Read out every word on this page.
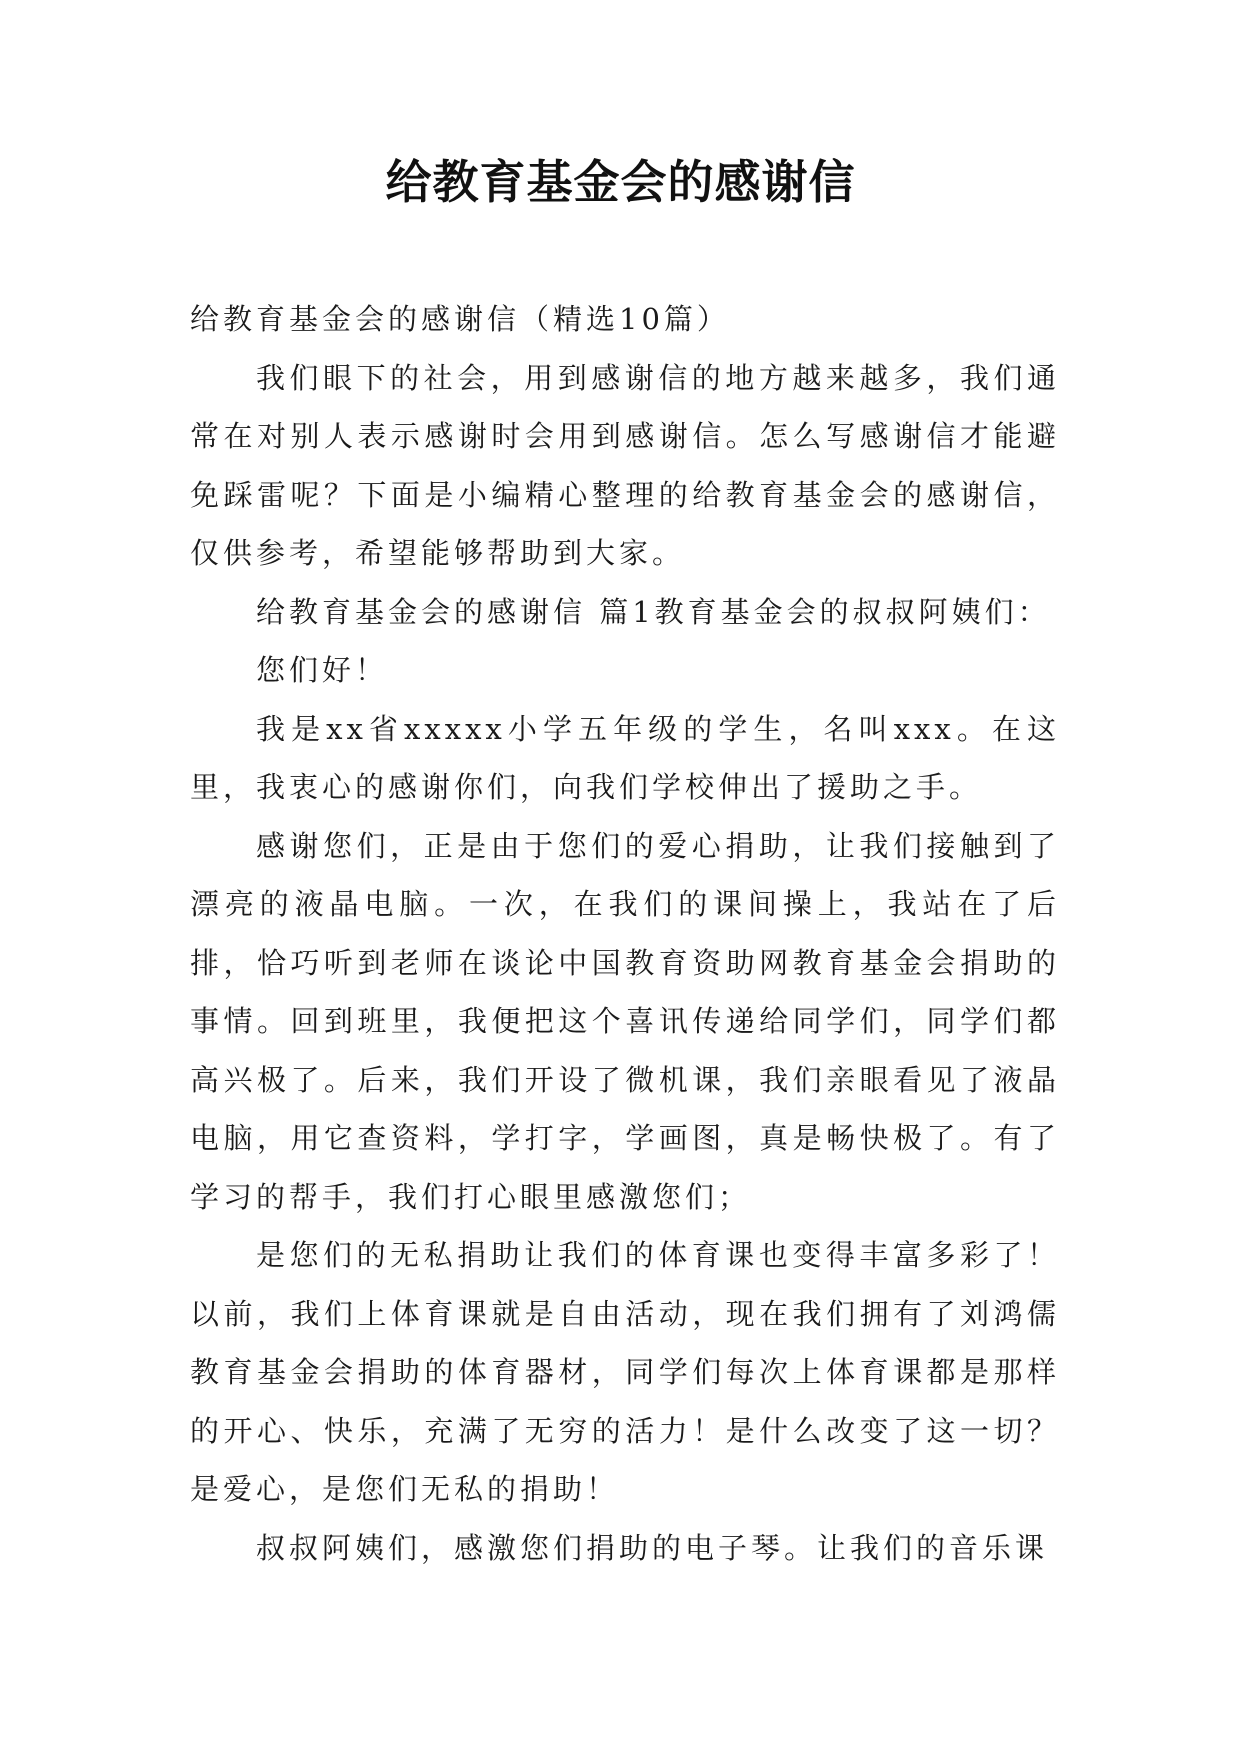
给教育基金会的感谢信

给教育基金会的感谢信（精选10篇）

我们眼下的社会，用到感谢信的地方越来越多，我们通常在对别人表示感谢时会用到感谢信。怎么写感谢信才能避免踩雷呢？下面是小编精心整理的给教育基金会的感谢信，仅供参考，希望能够帮助到大家。

给教育基金会的感谢信 篇1教育基金会的叔叔阿姨们：

您们好！

我是xx省xxxxx小学五年级的学生，名叫xxx。在这里，我衷心的感谢你们，向我们学校伸出了援助之手。

感谢您们，正是由于您们的爱心捐助，让我们接触到了漂亮的液晶电脑。一次，在我们的课间操上，我站在了后排，恰巧听到老师在谈论中国教育资助网教育基金会捐助的事情。回到班里，我便把这个喜讯传递给同学们，同学们都高兴极了。后来，我们开设了微机课，我们亲眼看见了液晶电脑，用它查资料，学打字，学画图，真是畅快极了。有了学习的帮手，我们打心眼里感激您们；

是您们的无私捐助让我们的体育课也变得丰富多彩了！以前，我们上体育课就是自由活动，现在我们拥有了刘鸿儒教育基金会捐助的体育器材，同学们每次上体育课都是那样的开心、快乐，充满了无穷的活力！是什么改变了这一切？是爱心，是您们无私的捐助！

叔叔阿姨们，感激您们捐助的电子琴。让我们的音乐课
